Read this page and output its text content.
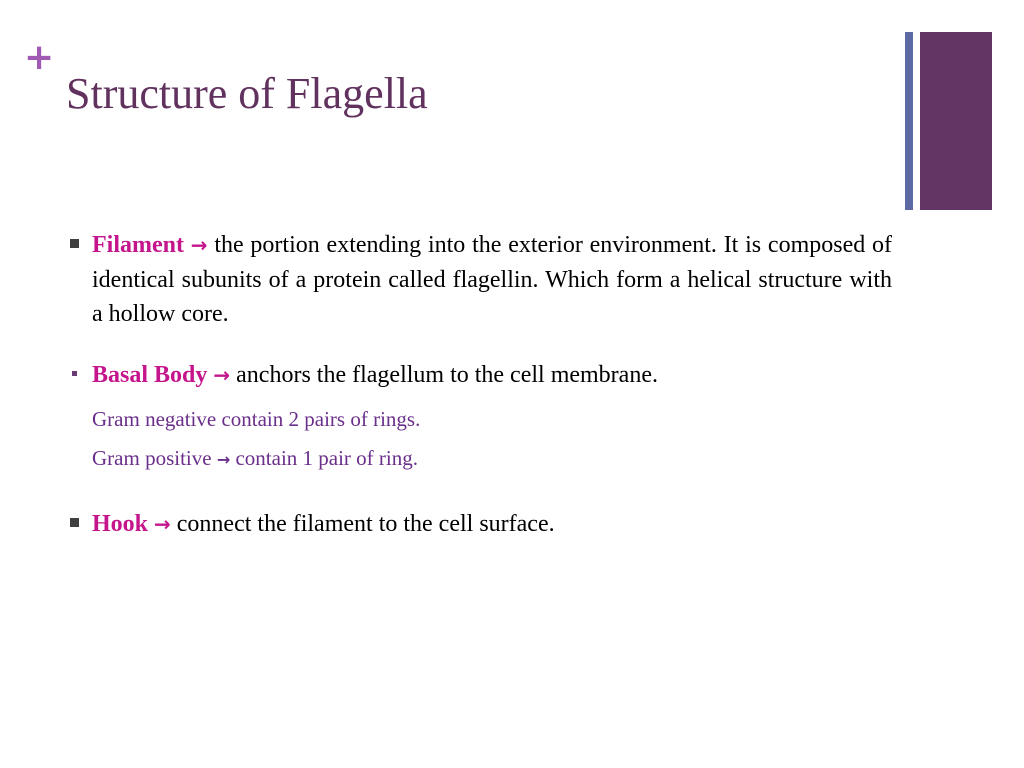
+
Structure of Flagella
Filament → the portion extending into the exterior environment. It is composed of identical subunits of a protein called flagellin. Which form a helical structure with a hollow core.
Basal Body → anchors the flagellum to the cell membrane.
Gram negative contain 2 pairs of rings.
Gram positive → contain 1 pair of ring.
Hook → connect the filament to the cell surface.
